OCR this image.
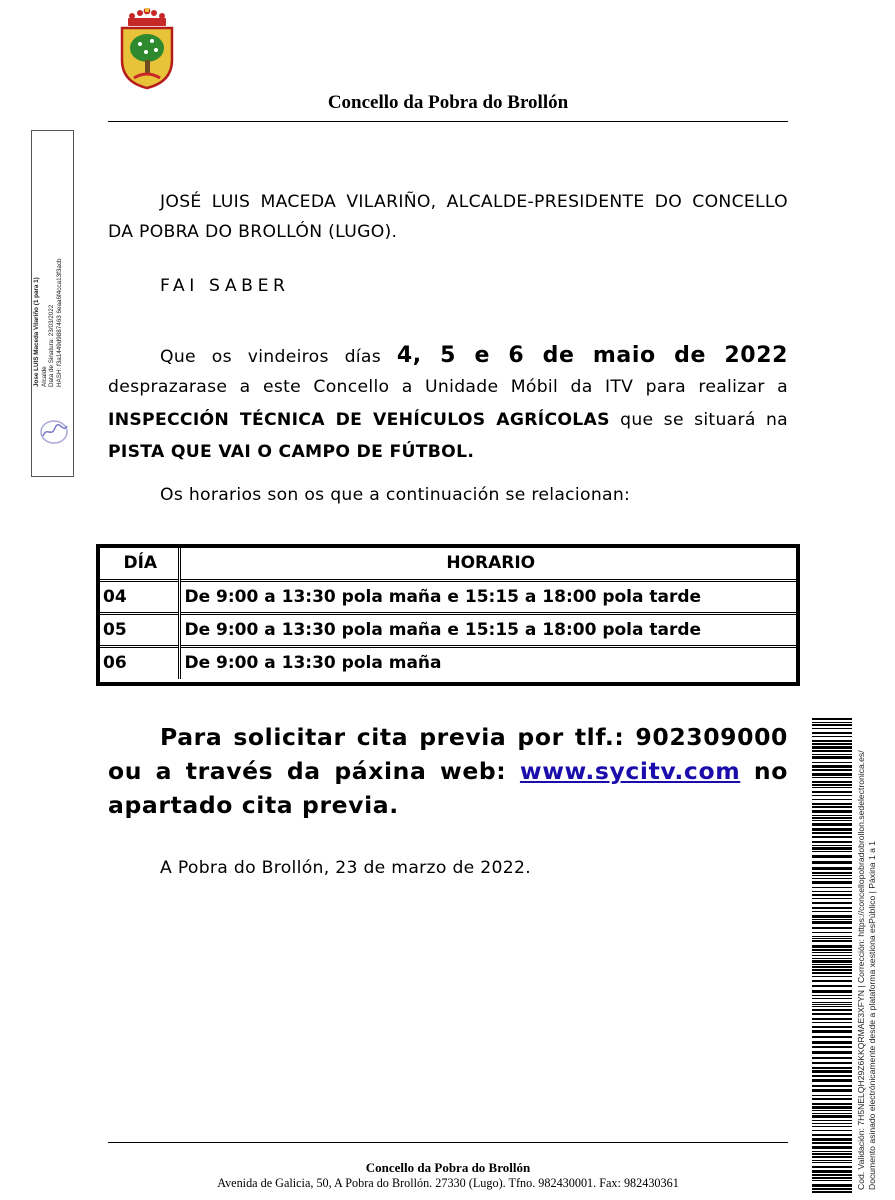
Concello da Pobra do Brollón
Jose LUIS Maceda Vilariño (1 para 1) Alcalde Data de Sinatura: 23/03/2022 HASH: f3a1449d9887463 6eaa6f4cca13f3acb
JOSÉ LUIS MACEDA VILARIÑO, ALCALDE-PRESIDENTE DO CONCELLO DA POBRA DO BROLLÓN (LUGO).
FAI SABER
Que os vindeiros días 4, 5 e 6 de maio de 2022
desprazarase a este Concello a Unidade Móbil da ITV para realizar a
INSPECCIÓN TÉCNICA DE VEHÍCULOS AGRÍCOLAS que se situará na
PISTA QUE VAI O CAMPO DE FÚTBOL.
Os horarios son os que a continuación se relacionan:
DÍA	HORARIO
04	De 9:00 a 13:30 pola maña e 15:15 a 18:00 pola tarde
05	De 9:00 a 13:30 pola maña e 15:15 a 18:00 pola tarde
06	De 9:00 a 13:30 pola maña
Para solicitar cita previa por tlf.: 902309000
ou a través da páxina web: www.sycitv.com no
apartado cita previa.
A Pobra do Brollón, 23 de marzo de 2022.
Concello da Pobra do Brollón
Avenida de Galicia, 50, A Pobra do Brollón. 27330 (Lugo). Tfno. 982430001. Fax: 982430361	Cod. Validación: 7H5NELQH29Z6KKQRMAE3XFYN | Corrección: https://concellopobradobrollon.sedelectronica.es/ Documento asinado electrónicamente desde a plataforma xestiona esPúblico | Páxina 1 a 1
